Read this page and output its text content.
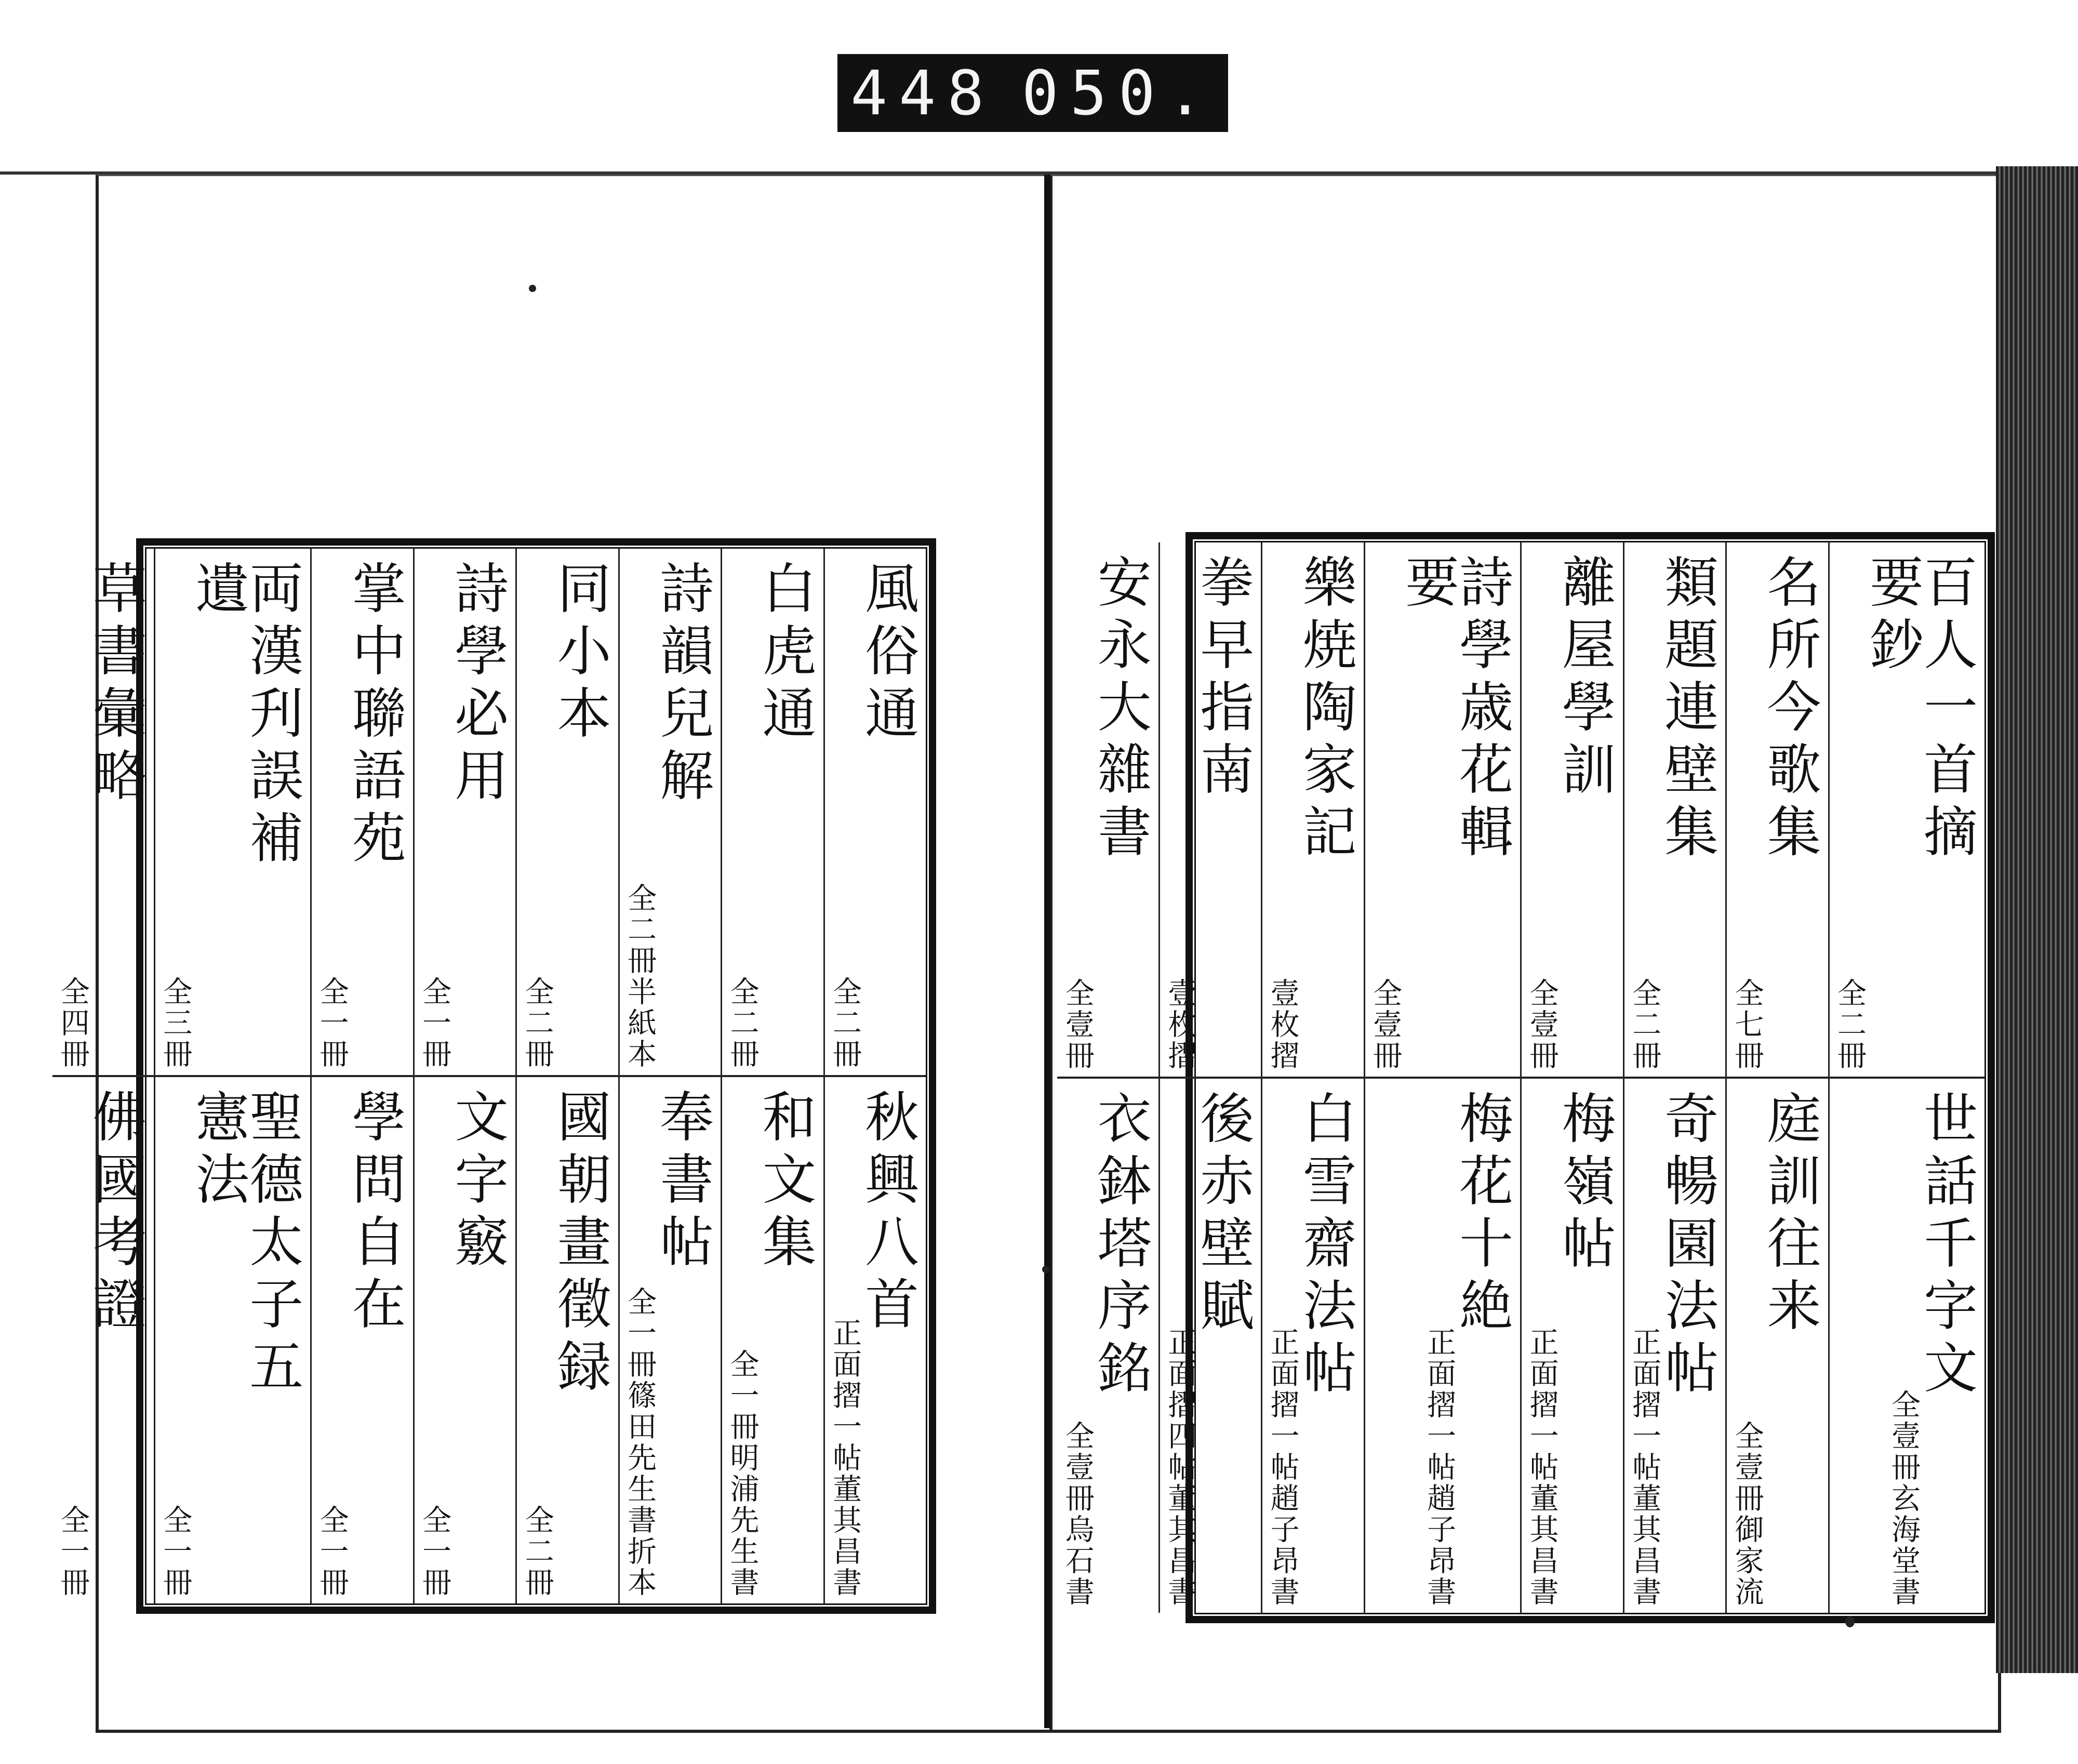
448 050.
風俗通
全二冊
秋興八首
董其昌書
正面摺一帖
白虎通
全二冊
和文集
明浦先生書
全一冊
詩韻兒解
半紙本
全二冊
奉書帖
折本
篠田先生書
全一冊
同小本
全二冊
國朝畫徵録
全二冊
詩學必用
全一冊
文字竅
全一冊
掌中聯語苑
全一冊
學問自在
全一冊
両漢刋誤補遺
全三冊
聖德太子五憲法
全一冊
草書彙略
全四冊
佛國考證
全一冊
百人一首摘要鈔
全二冊
世話千字文
玄海堂書
全壹冊
名所今歌集
全七冊
庭訓往来
御家流
全壹冊
類題連壁集
全二冊
奇暢園法帖
董其昌書
正面摺一帖
離屋學訓
全壹冊
梅嶺帖
董其昌書
正面摺一帖
詩學歳花輯要
全壹冊
梅花十絶
趙子昂書
正面摺一帖
樂焼陶家記
壹枚摺
白雪齋法帖
趙子昂書
正面摺一帖
拳早指南
壹枚摺
後赤壁賦
董其昌書
正面摺四帖
安永大雜書
全壹冊
衣鉢塔序銘
烏石書
全壹冊
